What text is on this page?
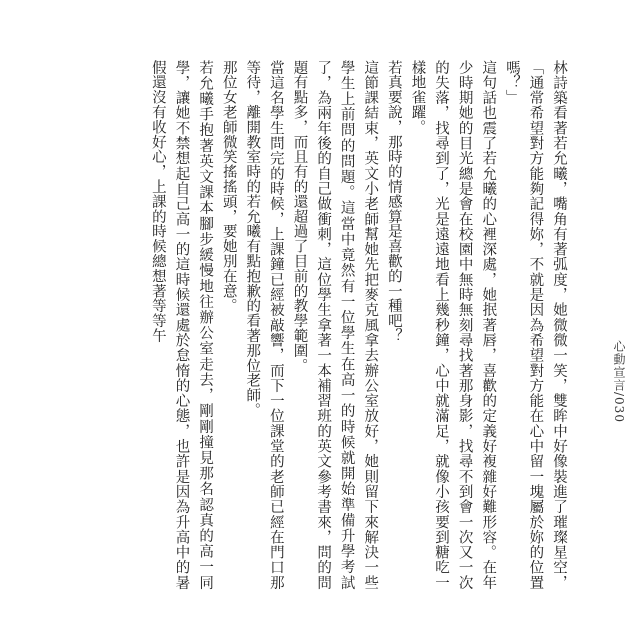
心動宣言/030

林詩築看著若允曦，嘴角有著弧度，她微微一笑，雙眸中好像裝進了璀璨星空，「通常希望對方能夠記得妳，不就是因為希望對方能在心中留一塊屬於妳的位置嗎？」

這句話也震了若允曦的心裡深處，她抿著唇，喜歡的定義好複雜好難形容。在年少時期她的目光總是會在校園中無時無刻尋找著那身影，找尋不到會一次又一次的失落，找尋到了，光是遠遠地看上幾秒鐘，心中就滿足，就像小孩要到糖吃一樣地雀躍。

若真要說，那時的情感算是喜歡的一種吧？

這節課結束，英文小老師幫她先把麥克風拿去辦公室放好，她則留下來解決一些學生上前問的問題。這當中竟然有一位學生在高一的時候就開始準備升學考試了，為兩年後的自己做衝刺，這位學生拿著一本補習班的英文參考書來，問的問題有點多，而且有的還超過了目前的教學範圍。

當這名學生問完的時候，上課鐘已經被敲響，而下一位課堂的老師已經在門口那等待，離開教室時的若允曦有點抱歉的看著那位老師。

那位女老師微笑搖搖頭，要她別在意。

若允曦手抱著英文課本腳步緩慢地往辦公室走去，剛剛撞見那名認真的高一同學，讓她不禁想起自己高一的這時候還處於怠惰的心態，也許是因為升高中的暑假還沒有收好心，上課的時候總想著等等午
